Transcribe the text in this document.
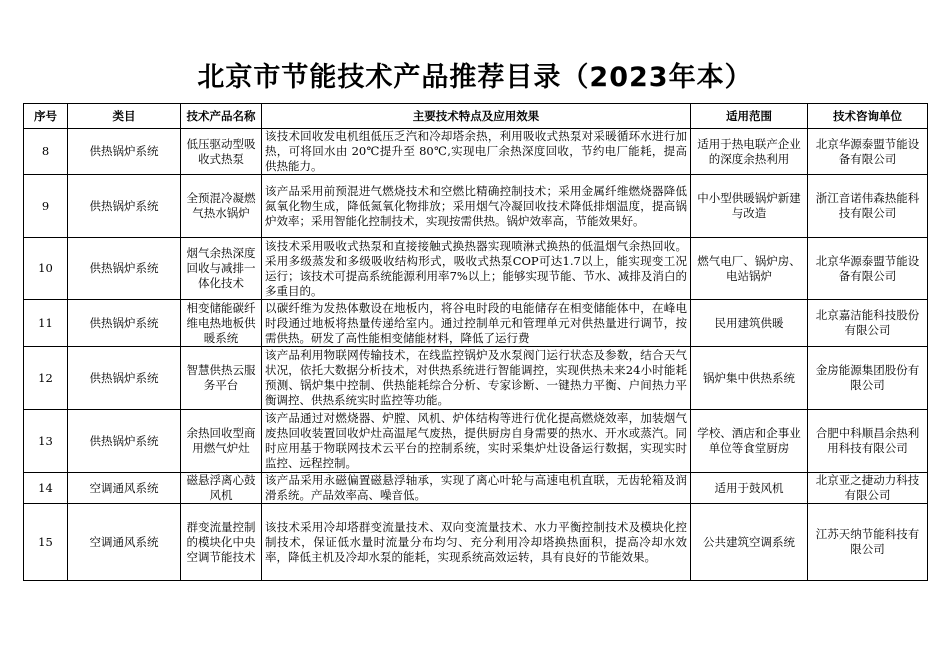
北京市节能技术产品推荐目录（2023年本）
序号	类目	技术产品名称	主要技术特点及应用效果	适用范围	技术咨询单位
8	供热锅炉系统	低压驱动型吸收式热泵	该技术回收发电机组低压乏汽和冷却塔余热，利用吸收式热泵对采暖循环水进行加热，可将回水由 20℃提升至 80℃,实现电厂余热深度回收，节约电厂能耗，提高供热能力。	适用于热电联产企业的深度余热利用	北京华源泰盟节能设备有限公司
9	供热锅炉系统	全预混冷凝燃气热水锅炉	该产品采用前预混进气燃烧技术和空燃比精确控制技术；采用金属纤维燃烧器降低氮氧化物生成，降低氮氧化物排放；采用烟气冷凝回收技术降低排烟温度，提高锅炉效率；采用智能化控制技术，实现按需供热。锅炉效率高，节能效果好。	中小型供暖锅炉新建与改造	浙江音诺伟森热能科技有限公司
10	供热锅炉系统	烟气余热深度回收与减排一体化技术	该技术采用吸收式热泵和直接接触式换热器实现喷淋式换热的低温烟气余热回收。采用多级蒸发和多级吸收结构形式，吸收式热泵COP可达1.7以上，能实现变工况运行；该技术可提高系统能源利用率7%以上；能够实现节能、节水、减排及消白的多重目的。	燃气电厂、锅炉房、电站锅炉	北京华源泰盟节能设备有限公司
11	供热锅炉系统	相变储能碳纤维电热地板供暖系统	以碳纤维为发热体敷设在地板内，将谷电时段的电能储存在相变储能体中，在峰电时段通过地板将热量传递给室内。通过控制单元和管理单元对供热量进行调节，按需供热。研发了高性能相变储能材料，降低了运行费	民用建筑供暖	北京嘉洁能科技股份有限公司
12	供热锅炉系统	智慧供热云服务平台	该产品利用物联网传输技术，在线监控锅炉及水泵阀门运行状态及参数，结合天气状况，依托大数据分析技术，对供热系统进行智能调控，实现供热未来24小时能耗预测、锅炉集中控制、供热能耗综合分析、专家诊断、一键热力平衡、户间热力平衡调控、供热系统实时监控等功能。	锅炉集中供热系统	金房能源集团股份有限公司
13	供热锅炉系统	余热回收型商用燃气炉灶	该产品通过对燃烧器、炉膛、风机、炉体结构等进行优化提高燃烧效率，加装烟气废热回收装置回收炉灶高温尾气废热，提供厨房自身需要的热水、开水或蒸汽。同时应用基于物联网技术云平台的控制系统，实时采集炉灶设备运行数据，实现实时监控、远程控制。	学校、酒店和企事业单位等食堂厨房	合肥中科顺昌余热利用科技有限公司
14	空调通风系统	磁悬浮离心鼓风机	该产品采用永磁偏置磁悬浮轴承，实现了离心叶轮与高速电机直联，无齿轮箱及润滑系统。产品效率高、噪音低。	适用于鼓风机	北京亚之捷动力科技有限公司
15	空调通风系统	群变流量控制的模块化中央空调节能技术	该技术采用冷却塔群变流量技术、双向变流量技术、水力平衡控制技术及模块化控制技术，保证低水量时流量分布均匀、充分利用冷却塔换热面积，提高冷却水效率，降低主机及冷却水泵的能耗，实现系统高效运转，具有良好的节能效果。	公共建筑空调系统	江苏天纳节能科技有限公司
